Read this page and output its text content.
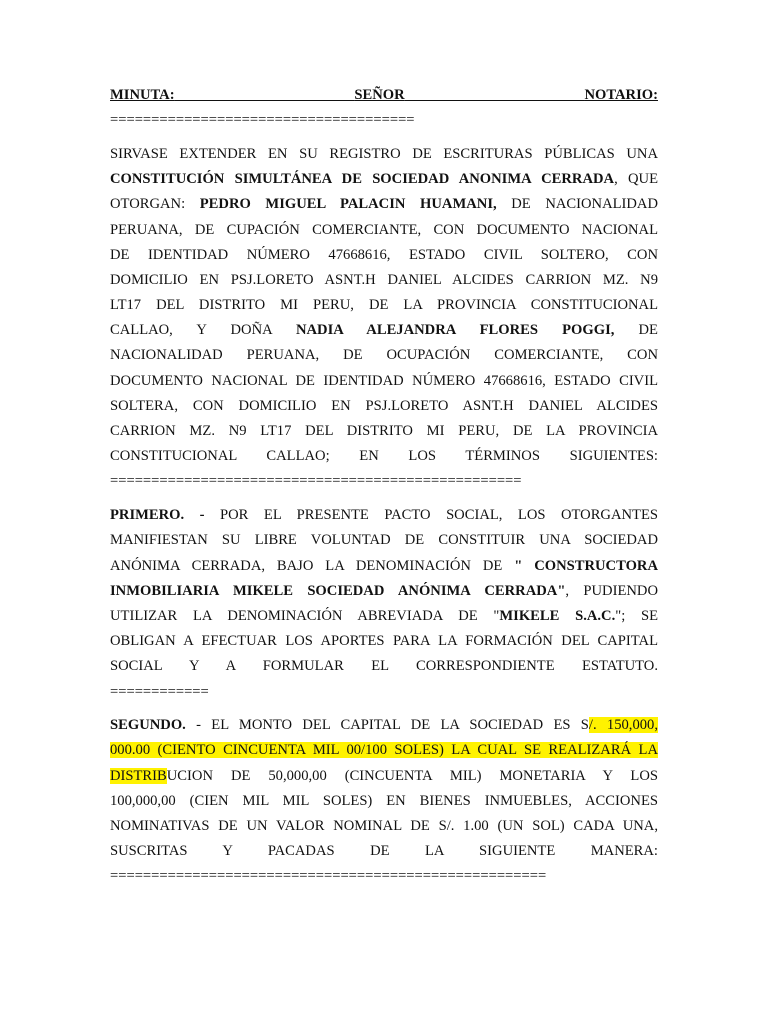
MINUTA:	SEÑOR	NOTARIO:
=====================================
SIRVASE EXTENDER EN SU REGISTRO DE ESCRITURAS PÚBLICAS UNA
CONSTITUCIÓN SIMULTÁNEA DE SOCIEDAD ANONIMA CERRADA, QUE
OTORGAN: PEDRO MIGUEL PALACIN HUAMANI, DE NACIONALIDAD
PERUANA, DE CUPACIÓN COMERCIANTE, CON DOCUMENTO NACIONAL
DE IDENTIDAD NÚMERO 47668616, ESTADO CIVIL SOLTERO, CON
DOMICILIO EN PSJ.LORETO ASNT.H DANIEL ALCIDES CARRION MZ. N9
LT17 DEL DISTRITO MI PERU, DE LA PROVINCIA CONSTITUCIONAL
CALLAO, Y DOÑA NADIA ALEJANDRA FLORES POGGI, DE
NACIONALIDAD PERUANA, DE OCUPACIÓN COMERCIANTE, CON
DOCUMENTO NACIONAL DE IDENTIDAD NÚMERO 47668616, ESTADO CIVIL
SOLTERA, CON DOMICILIO EN PSJ.LORETO ASNT.H DANIEL ALCIDES
CARRION MZ. N9 LT17 DEL DISTRITO MI PERU, DE LA PROVINCIA
CONSTITUCIONAL CALLAO; EN LOS TÉRMINOS SIGUIENTES:
==================================================
PRIMERO. - POR EL PRESENTE PACTO SOCIAL, LOS OTORGANTES
MANIFIESTAN SU LIBRE VOLUNTAD DE CONSTITUIR UNA SOCIEDAD
ANÓNIMA CERRADA, BAJO LA DENOMINACIÓN DE " CONSTRUCTORA
INMOBILIARIA MIKELE SOCIEDAD ANÓNIMA CERRADA", PUDIENDO
UTILIZAR LA DENOMINACIÓN ABREVIADA DE "MIKELE S.A.C."; SE
OBLIGAN A EFECTUAR LOS APORTES PARA LA FORMACIÓN DEL CAPITAL
SOCIAL Y A FORMULAR EL CORRESPONDIENTE ESTATUTO.
============
SEGUNDO. - EL MONTO DEL CAPITAL DE LA SOCIEDAD ES S/. 150,000,
000.00 (CIENTO CINCUENTA MIL 00/100 SOLES) LA CUAL SE REALIZARÁ LA
DISTRIBUCION DE 50,000,00 (CINCUENTA MIL) MONETARIA Y LOS
100,000,00 (CIEN MIL MIL SOLES) EN BIENES INMUEBLES, ACCIONES
NOMINATIVAS DE UN VALOR NOMINAL DE S/. 1.00 (UN SOL) CADA UNA,
SUSCRITAS Y PACADAS DE LA SIGUIENTE MANERA:
=====================================================
